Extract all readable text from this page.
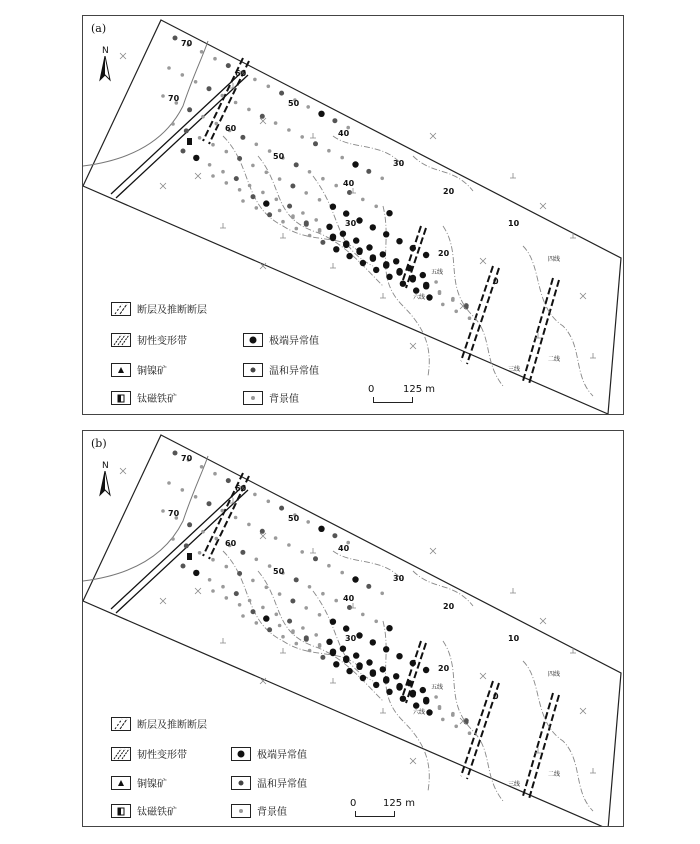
(a)
N
70
60
70
60
50
40
50
30
40
20
30	10
20
0
五线
六线
四线
三线
二线
断层及推断断层
韧性变形带
铜镍矿
钛磁铁矿
极端异常值
温和异常值
背景值
0	125 m
(b)
N
70
60
70
60
50
40
50
30
40
20
30	10
20
0
五线
六线
四线
三线
二线
断层及推断断层
韧性变形带
铜镍矿
钛磁铁矿
极端异常值
温和异常值
背景值
0	125 m
